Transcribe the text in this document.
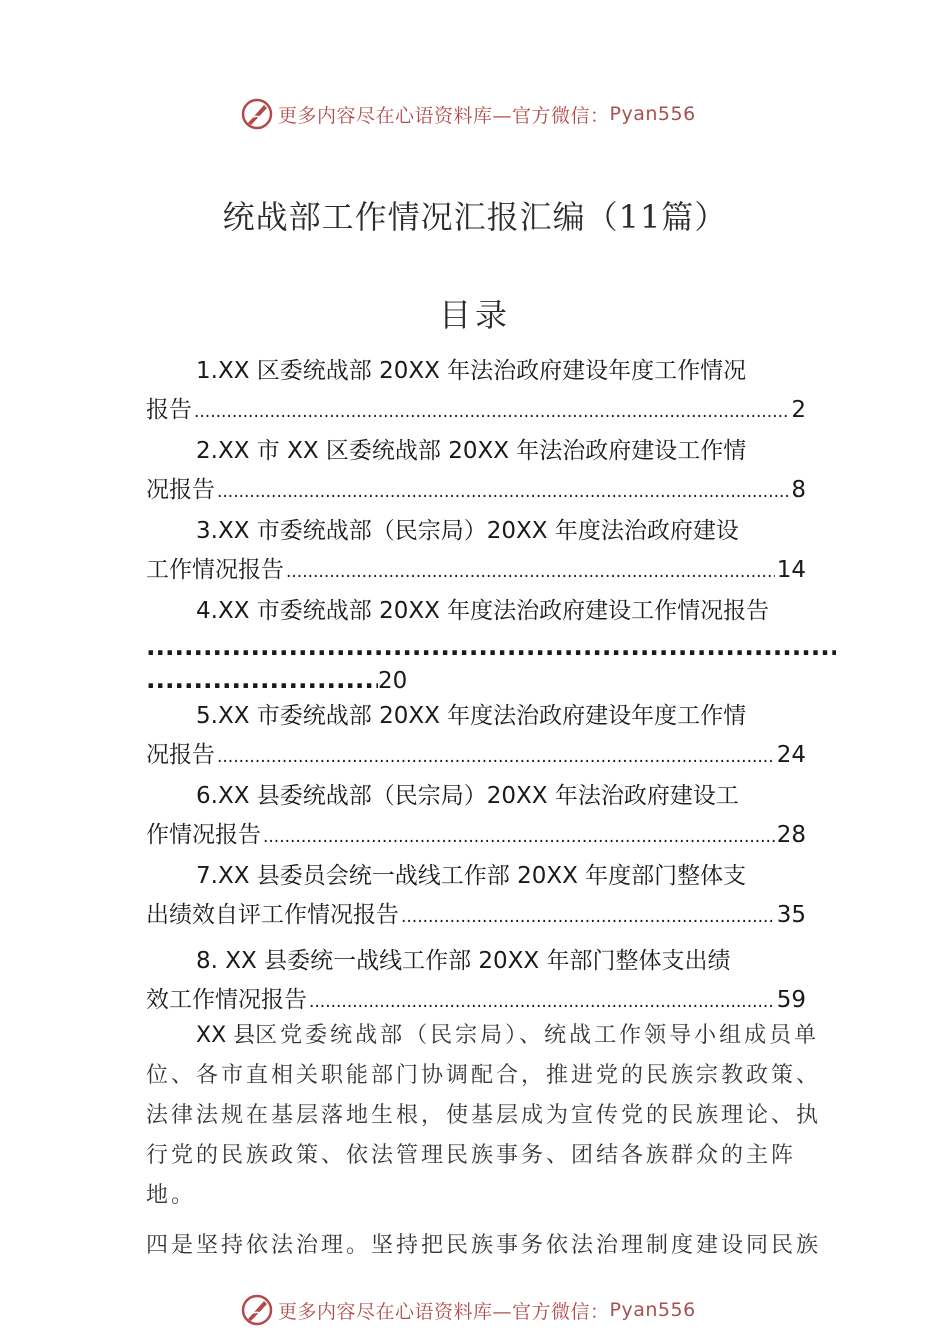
更多内容尽在心语资料库—官方微信： Pyan556
统战部工作情况汇报汇编（11篇）
目录
1.XX 区委统战部 20XX 年法治政府建设年度工作情况
报告 .....	2
2.XX 市 XX 区委统战部 20XX 年法治政府建设工作情
况报告 .....	8
3.XX 市委统战部（民宗局）20XX 年度法治政府建设
工作情况报告 .....	14
4.XX 市委统战部 20XX 年度法治政府建设工作情况报告
.....
.....
20
5.XX 市委统战部 20XX 年度法治政府建设年度工作情
况报告 .....	24
6.XX 县委统战部（民宗局）20XX 年法治政府建设工
作情况报告 .....	28
7.XX 县委员会统一战线工作部 20XX 年度部门整体支
出绩效自评工作情况报告 .....	35
8. XX 县委统一战线工作部 20XX 年部门整体支出绩
效工作情况报告 .....	59
XX 县区党委统战部（民宗局）、统战工作领导小组成员单位、各市直相关职能部门协调配合，推进党的民族宗教政策、法律法规在基层落地生根，使基层成为宣传党的民族理论、执行党的民族政策、依法管理民族事务、团结各族群众的主阵地。
四是坚持依法治理。坚持把民族事务依法治理制度建设同民族
更多内容尽在心语资料库—官方微信： Pyan556
